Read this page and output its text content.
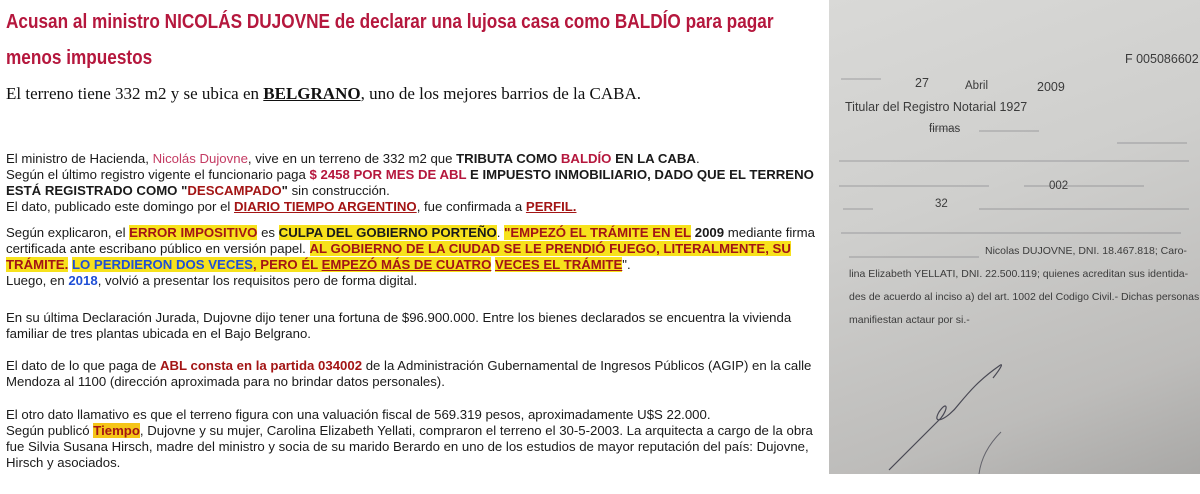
Acusan al ministro NICOLÁS DUJOVNE de declarar una lujosa casa como BALDÍO para pagar menos impuestos

El terreno tiene 332 m2 y se ubica en BELGRANO, uno de los mejores barrios de la CABA.

El ministro de Hacienda, Nicolás Dujovne, vive en un terreno de 332 m2 que TRIBUTA COMO BALDÍO EN LA CABA.
Según el último registro vigente el funcionario paga $ 2458 POR MES DE ABL E IMPUESTO INMOBILIARIO, DADO QUE EL TERRENO ESTÁ REGISTRADO COMO "DESCAMPADO" sin construcción.
El dato, publicado este domingo por el DIARIO TIEMPO ARGENTINO, fue confirmada a PERFIL.

Según explicaron, el ERROR IMPOSITIVO es CULPA DEL GOBIERNO PORTEÑO. "EMPEZÓ EL TRÁMITE EN EL 2009 mediante firma certificada ante escribano público en versión papel. AL GOBIERNO DE LA CIUDAD SE LE PRENDIÓ FUEGO, LITERALMENTE, SU TRÁMITE. LO PERDIERON DOS VECES, PERO ÉL EMPEZÓ MÁS DE CUATRO VECES EL TRÁMITE".
Luego, en 2018, volvió a presentar los requisitos pero de forma digital.

En su última Declaración Jurada, Dujovne dijo tener una fortuna de $96.900.000. Entre los bienes declarados se encuentra la vivienda familiar de tres plantas ubicada en el Bajo Belgrano.

El dato de lo que paga de ABL consta en la partida 034002 de la Administración Gubernamental de Ingresos Públicos (AGIP) en la calle Mendoza al 1100 (dirección aproximada para no brindar datos personales).

El otro dato llamativo es que el terreno figura con una valuación fiscal de 569.319 pesos, aproximadamente U$S 22.000.
Según publicó Tiempo, Dujovne y su mujer, Carolina Elizabeth Yellati, compraron el terreno el 30-5-2003. La arquitecta a cargo de la obra fue Silvia Susana Hirsch, madre del ministro y socia de su marido Berardo en uno de los estudios de mayor reputación del país: Dujovne, Hirsch y asociados.

F 005086602
27	Abril	2009
Titular del Registro Notarial 1927
firmas
002
32
Nicolas DUJOVNE, DNI. 18.467.818; Caro-
lina Elizabeth YELLATI, DNI. 22.500.119; quienes acreditan sus identida-
des de acuerdo al inciso a) del art. 1002 del Codigo Civil.- Dichas personas
manifiestan actaur por si.-
